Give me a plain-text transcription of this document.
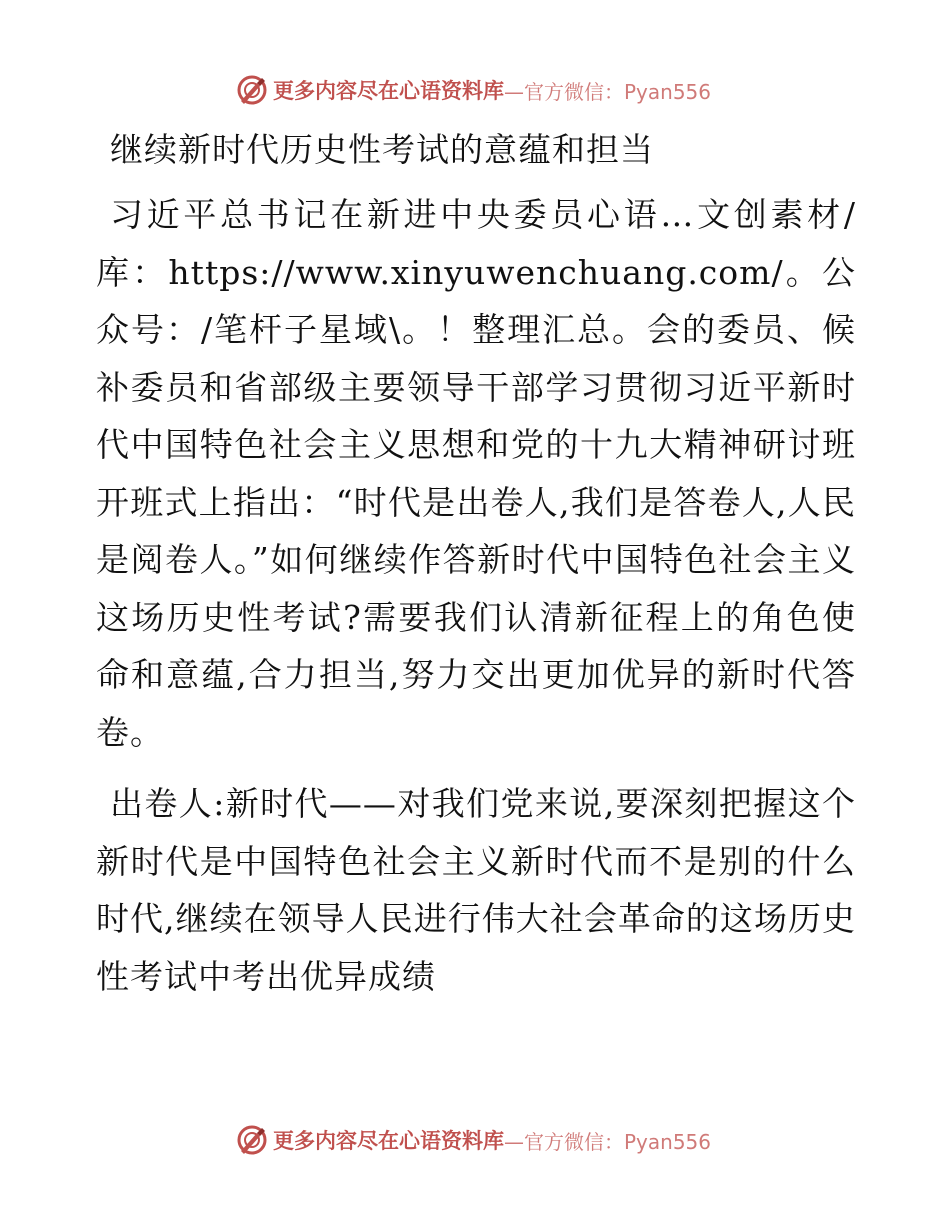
更多内容尽在心语资料库 —官方微信：Pyan556
继续新时代历史性考试的意蕴和担当

习近平总书记在新进中央委员心语…文创素材/库：https://www.xinyuwenchuang.com/。公众号：/笔杆子星域\。！整理汇总。会的委员、候补委员和省部级主要领导干部学习贯彻习近平新时代中国特色社会主义思想和党的十九大精神研讨班开班式上指出：“时代是出卷人,我们是答卷人,人民是阅卷人。”如何继续作答新时代中国特色社会主义这场历史性考试?需要我们认清新征程上的角色使命和意蕴,合力担当,努力交出更加优异的新时代答卷。

出卷人:新时代——对我们党来说,要深刻把握这个新时代是中国特色社会主义新时代而不是别的什么时代,继续在领导人民进行伟大社会革命的这场历史性考试中考出优异成绩

更多内容尽在心语资料库 —官方微信：Pyan556
